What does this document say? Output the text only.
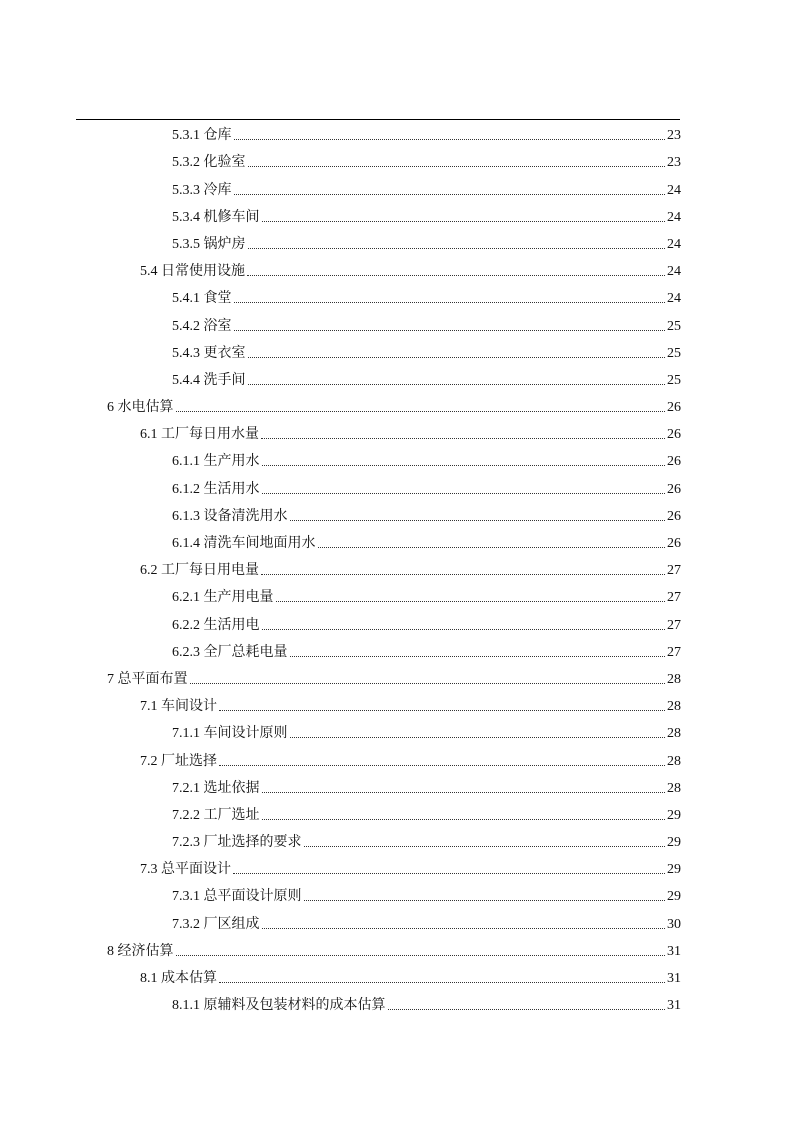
5.3.1 仓库	23
5.3.2 化验室	23
5.3.3 冷库	24
5.3.4 机修车间	24
5.3.5 锅炉房	24
5.4 日常使用设施	24
5.4.1 食堂	24
5.4.2 浴室	25
5.4.3 更衣室	25
5.4.4 洗手间	25
6 水电估算	26
6.1 工厂每日用水量	26
6.1.1 生产用水	26
6.1.2 生活用水	26
6.1.3 设备清洗用水	26
6.1.4 清洗车间地面用水	26
6.2 工厂每日用电量	27
6.2.1 生产用电量	27
6.2.2 生活用电	27
6.2.3 全厂总耗电量	27
7 总平面布置	28
7.1 车间设计	28
7.1.1 车间设计原则	28
7.2 厂址选择	28
7.2.1 选址依据	28
7.2.2 工厂选址	29
7.2.3 厂址选择的要求	29
7.3 总平面设计	29
7.3.1 总平面设计原则	29
7.3.2 厂区组成	30
8 经济估算	31
8.1 成本估算	31
8.1.1 原辅料及包装材料的成本估算	31
